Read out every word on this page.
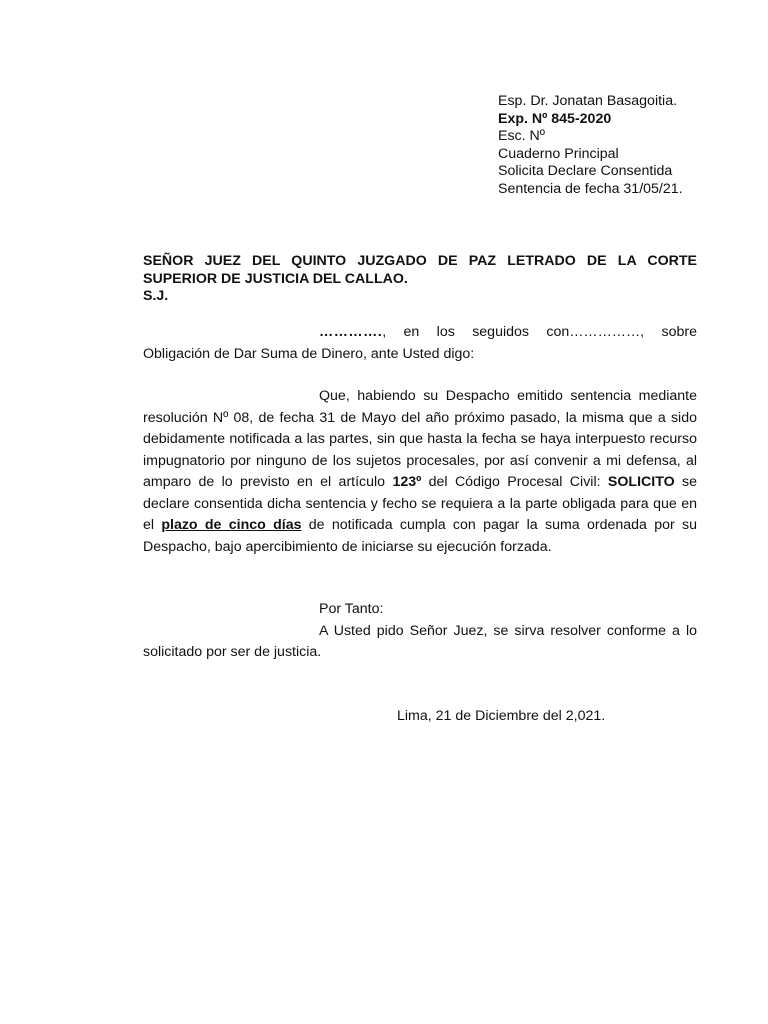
Esp. Dr. Jonatan Basagoitia.
Exp. Nº 845-2020
Esc. Nº
Cuaderno Principal
Solicita Declare Consentida
Sentencia de fecha 31/05/21.
SEÑOR JUEZ DEL QUINTO JUZGADO DE PAZ LETRADO DE LA CORTE
SUPERIOR DE JUSTICIA DEL CALLAO.
S.J.
…………., en los seguidos con……………, sobre Obligación de Dar Suma de Dinero, ante Usted digo:
Que, habiendo su Despacho emitido sentencia mediante resolución Nº 08, de fecha 31 de Mayo del año próximo pasado, la misma que a sido debidamente notificada a las partes, sin que hasta la fecha se haya interpuesto recurso impugnatorio por ninguno de los sujetos procesales, por así convenir a mi defensa, al amparo de lo previsto en el artículo 123º del Código Procesal Civil: SOLICITO se declare consentida dicha sentencia y fecho se requiera a la parte obligada para que en el plazo de cinco días de notificada cumpla con pagar la suma ordenada por su Despacho, bajo apercibimiento de iniciarse su ejecución forzada.
Por Tanto:
A Usted pido Señor Juez, se sirva resolver conforme a lo solicitado por ser de justicia.
Lima, 21 de Diciembre del 2,021.
